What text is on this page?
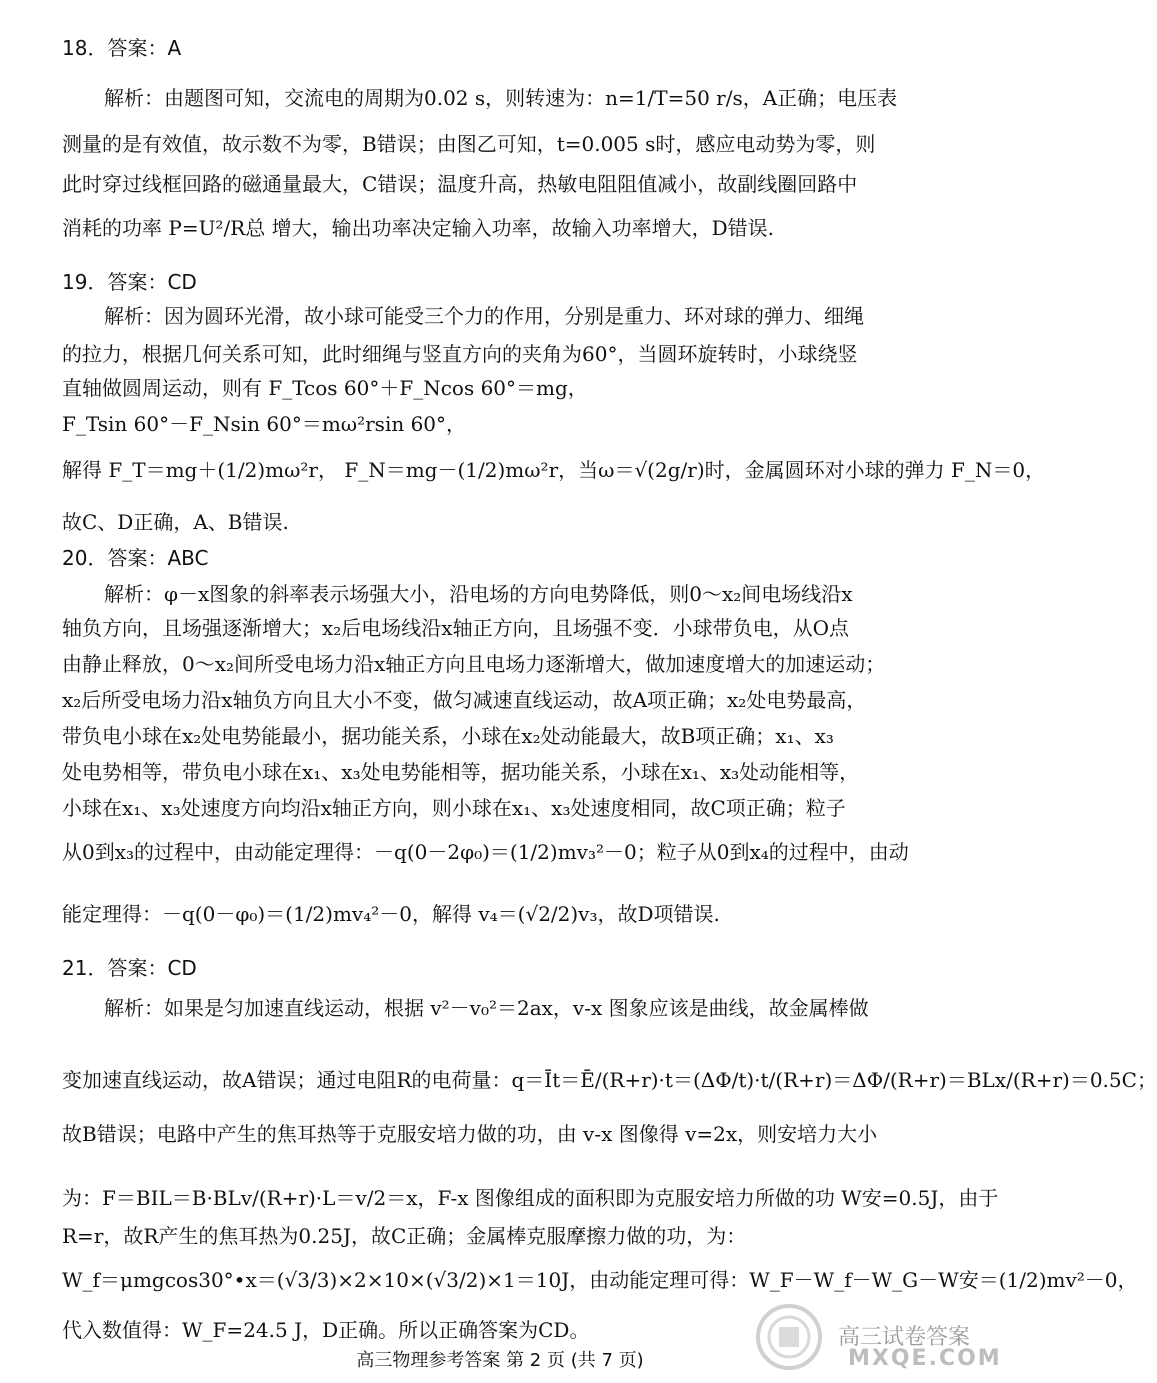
18．答案：A
解析：由题图可知，交流电的周期为0.02 s，则转速为：n=1/T=50 r/s，A正确；电压表
测量的是有效值，故示数不为零，B错误；由图乙可知，t=0.005 s时，感应电动势为零，则
此时穿过线框回路的磁通量最大，C错误；温度升高，热敏电阻阻值减小，故副线圈回路中
消耗的功率 P=U²/R总 增大，输出功率决定输入功率，故输入功率增大，D错误.
19．答案：CD
解析：因为圆环光滑，故小球可能受三个力的作用，分别是重力、环对球的弹力、细绳
的拉力，根据几何关系可知，此时细绳与竖直方向的夹角为60°，当圆环旋转时，小球绕竖
直轴做圆周运动，则有 F_Tcos 60°＋F_Ncos 60°＝mg，
F_Tsin 60°－F_Nsin 60°＝mω²rsin 60°，
解得 F_T＝mg＋(1/2)mω²r， F_N＝mg－(1/2)mω²r，当ω＝√(2g/r)时，金属圆环对小球的弹力 F_N＝0，
故C、D正确，A、B错误.
20．答案：ABC
解析：φ－x图象的斜率表示场强大小，沿电场的方向电势降低，则0～x₂间电场线沿x
轴负方向，且场强逐渐增大；x₂后电场线沿x轴正方向，且场强不变．小球带负电，从O点
由静止释放，0～x₂间所受电场力沿x轴正方向且电场力逐渐增大，做加速度增大的加速运动；
x₂后所受电场力沿x轴负方向且大小不变，做匀减速直线运动，故A项正确；x₂处电势最高，
带负电小球在x₂处电势能最小，据功能关系，小球在x₂处动能最大，故B项正确；x₁、x₃
处电势相等，带负电小球在x₁、x₃处电势能相等，据功能关系，小球在x₁、x₃处动能相等，
小球在x₁、x₃处速度方向均沿x轴正方向，则小球在x₁、x₃处速度相同，故C项正确；粒子
从0到x₃的过程中，由动能定理得：－q(0－2φ₀)＝(1/2)mv₃²－0；粒子从0到x₄的过程中，由动
能定理得：－q(0－φ₀)＝(1/2)mv₄²－0，解得 v₄＝(√2/2)v₃，故D项错误.
21．答案：CD
解析：如果是匀加速直线运动，根据 v²－v₀²＝2ax，v-x 图象应该是曲线，故金属棒做
变加速直线运动，故A错误；通过电阻R的电荷量：q＝Īt＝Ē/(R+r)·t＝(ΔΦ/t)·t/(R+r)＝ΔΦ/(R+r)＝BLx/(R+r)＝0.5C；
故B错误；电路中产生的焦耳热等于克服安培力做的功，由 v-x 图像得 v=2x，则安培力大小
为：F＝BIL＝B·BLv/(R+r)·L＝v/2＝x，F-x 图像组成的面积即为克服安培力所做的功 W安=0.5J，由于
R=r，故R产生的焦耳热为0.25J，故C正确；金属棒克服摩擦力做的功，为：
W_f＝μmgcos30°•x＝(√3/3)×2×10×(√3/2)×1＝10J，由动能定理可得：W_F－W_f－W_G－W安＝(1/2)mv²－0，
代入数值得：W_F=24.5 J，D正确。所以正确答案为CD。
高三物理参考答案 第 2 页 (共 7 页)
高三试卷答案
MXQE.COM
